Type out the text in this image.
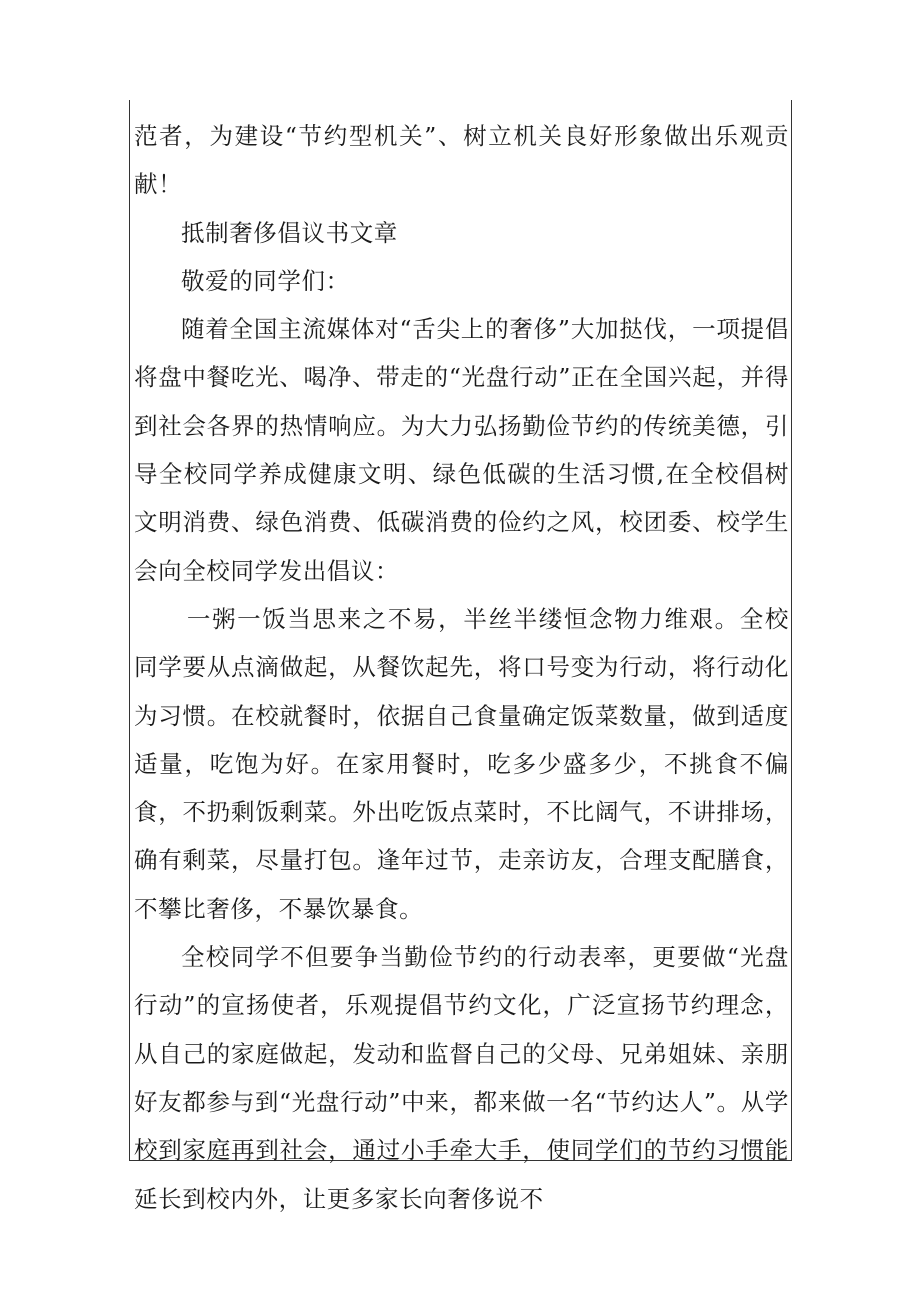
范者，为建设“节约型机关”、树立机关良好形象做出乐观贡献！

抵制奢侈倡议书文章

敬爱的同学们：

随着全国主流媒体对“舌尖上的奢侈”大加挞伐，一项提倡将盘中餐吃光、喝净、带走的“光盘行动”正在全国兴起，并得到社会各界的热情响应。为大力弘扬勤俭节约的传统美德，引导全校同学养成健康文明、绿色低碳的生活习惯,在全校倡树文明消费、绿色消费、低碳消费的俭约之风，校团委、校学生会向全校同学发出倡议：

一粥一饭当思来之不易，半丝半缕恒念物力维艰。全校同学要从点滴做起，从餐饮起先，将口号变为行动，将行动化为习惯。在校就餐时，依据自己食量确定饭菜数量，做到适度适量，吃饱为好。在家用餐时，吃多少盛多少，不挑食不偏食，不扔剩饭剩菜。外出吃饭点菜时，不比阔气，不讲排场，确有剩菜，尽量打包。逢年过节，走亲访友，合理支配膳食，不攀比奢侈，不暴饮暴食。

全校同学不但要争当勤俭节约的行动表率，更要做“光盘行动”的宣扬使者，乐观提倡节约文化，广泛宣扬节约理念，从自己的家庭做起，发动和监督自己的父母、兄弟姐妹、亲朋好友都参与到“光盘行动”中来，都来做一名“节约达人”。从学校到家庭再到社会，通过小手牵大手，使同学们的节约习惯能延长到校内外，让更多家长向奢侈说不
